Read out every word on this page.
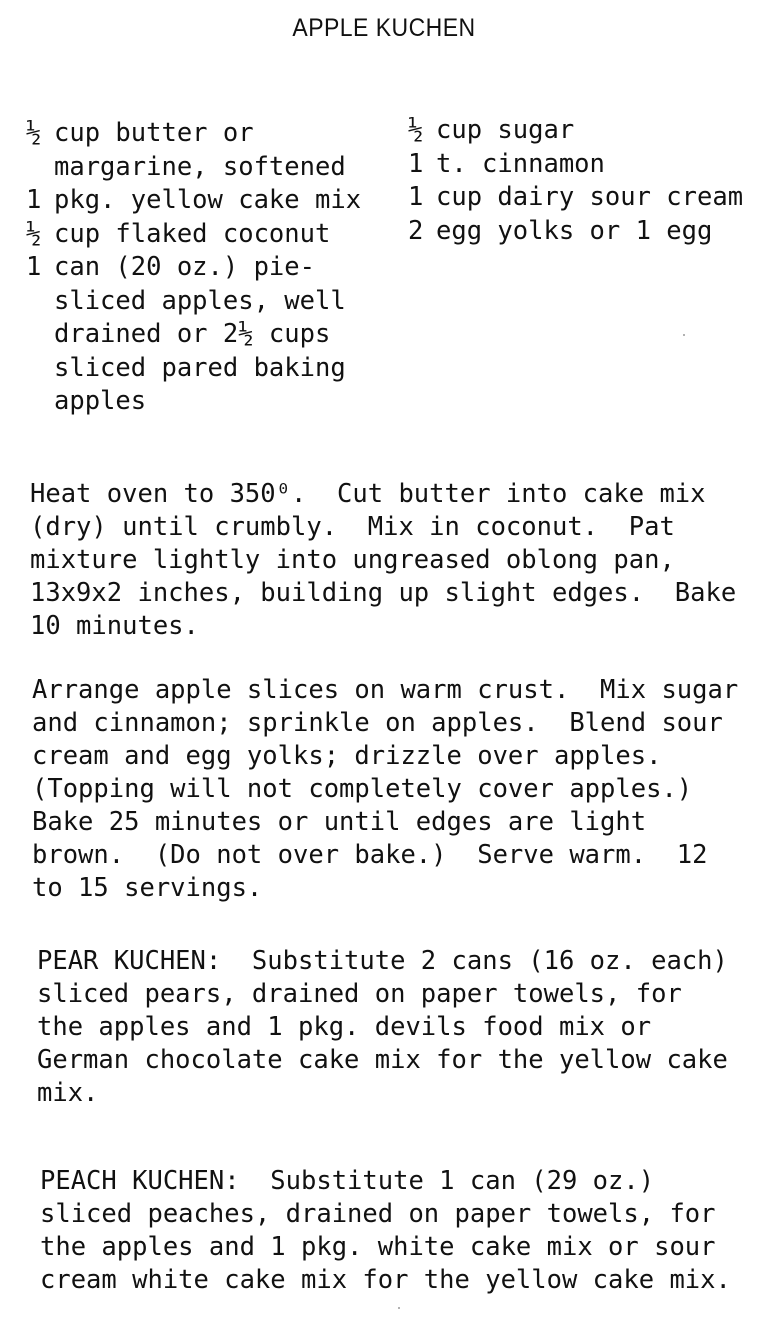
APPLE KUCHEN
½ cup butter or margarine, softened
1 pkg. yellow cake mix
½ cup flaked coconut
1 can (20 oz.) pie-sliced apples, well drained or 2½ cups sliced pared baking apples
½ cup sugar
1 t. cinnamon
1 cup dairy sour cream
2 egg yolks or 1 egg

Heat oven to 350⁰.  Cut butter into cake mix
(dry) until crumbly.  Mix in coconut.  Pat
mixture lightly into ungreased oblong pan,
13x9x2 inches, building up slight edges.  Bake
10 minutes.

Arrange apple slices on warm crust.  Mix sugar
and cinnamon; sprinkle on apples.  Blend sour
cream and egg yolks; drizzle over apples.
(Topping will not completely cover apples.)
Bake 25 minutes or until edges are light
brown.  (Do not over bake.)  Serve warm.  12
to 15 servings.

PEAR KUCHEN:  Substitute 2 cans (16 oz. each)
sliced pears, drained on paper towels, for
the apples and 1 pkg. devils food mix or
German chocolate cake mix for the yellow cake
mix.

PEACH KUCHEN:  Substitute 1 can (29 oz.)
sliced peaches, drained on paper towels, for
the apples and 1 pkg. white cake mix or sour
cream white cake mix for the yellow cake mix.
